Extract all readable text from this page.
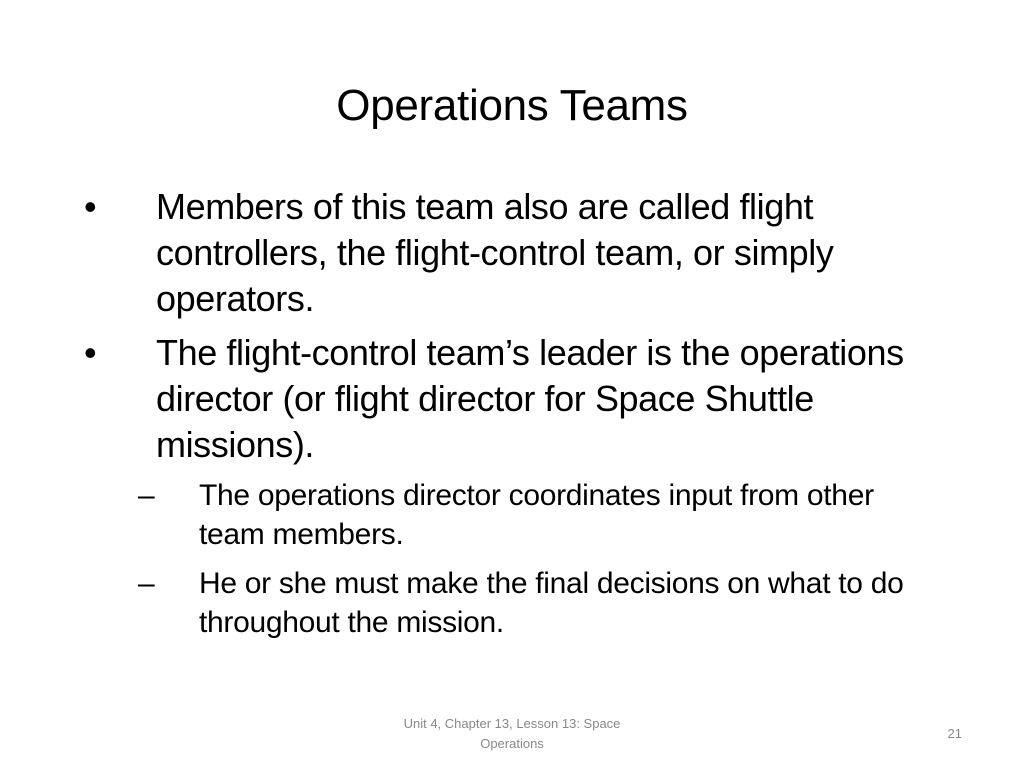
Operations Teams
• Members of this team also are called flight controllers, the flight-control team, or simply operators.
• The flight-control team’s leader is the operations director (or flight director for Space Shuttle missions).
– The operations director coordinates input from other team members.
– He or she must make the final decisions on what to do throughout the mission.
Unit 4, Chapter 13, Lesson 13: Space Operations
21
